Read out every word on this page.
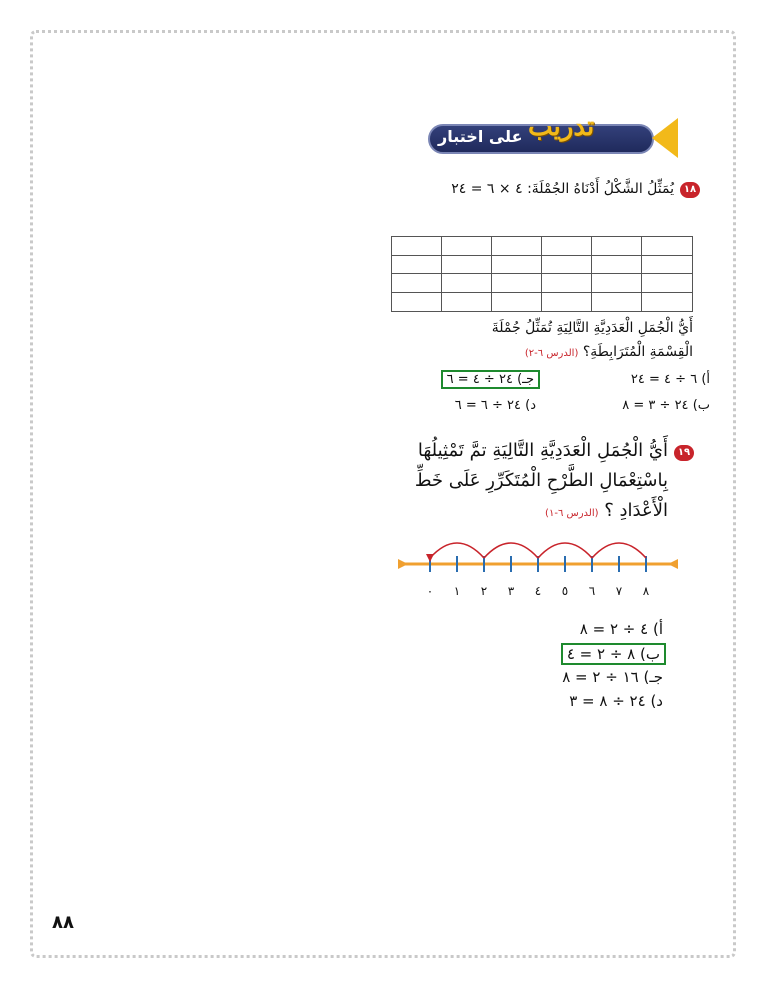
تدريب
على اختبار
١٨
يُمَثِّلُ الشَّكْلُ أَدْنَاهُ الجُمْلَةَ: ٤ × ٦ = ٢٤
أَيُّ الْجُمَلِ الْعَدَدِيَّةِ التَّالِيَةِ تُمَثِّلُ جُمْلَةَ
الْقِسْمَةِ الْمُتَرَابِطَةِ؟ (الدرس ٦-٢)
أ) ٦ ÷ ٤ = ٢٤
جـ) ٢٤ ÷ ٤ = ٦
ب) ٢٤ ÷ ٣ = ٨
د) ٢٤ ÷ ٦ = ٦
١٩
أَيُّ الْجُمَلِ الْعَدَدِيَّةِ التَّالِيَةِ تمَّ تَمْثِيلُهَا
بِاسْتِعْمَالِ الطَّرْحِ الْمُتَكَرِّرِ عَلَى خَطِّ
الْأَعْدَادِ ؟ (الدرس ٦-١)
٠	١	٢	٣	٤	٥	٦	٧	٨
أ) ٤ ÷ ٢ = ٨
ب) ٨ ÷ ٢ = ٤
جـ) ١٦ ÷ ٢ = ٨
د) ٢٤ ÷ ٨ = ٣
٨٨
